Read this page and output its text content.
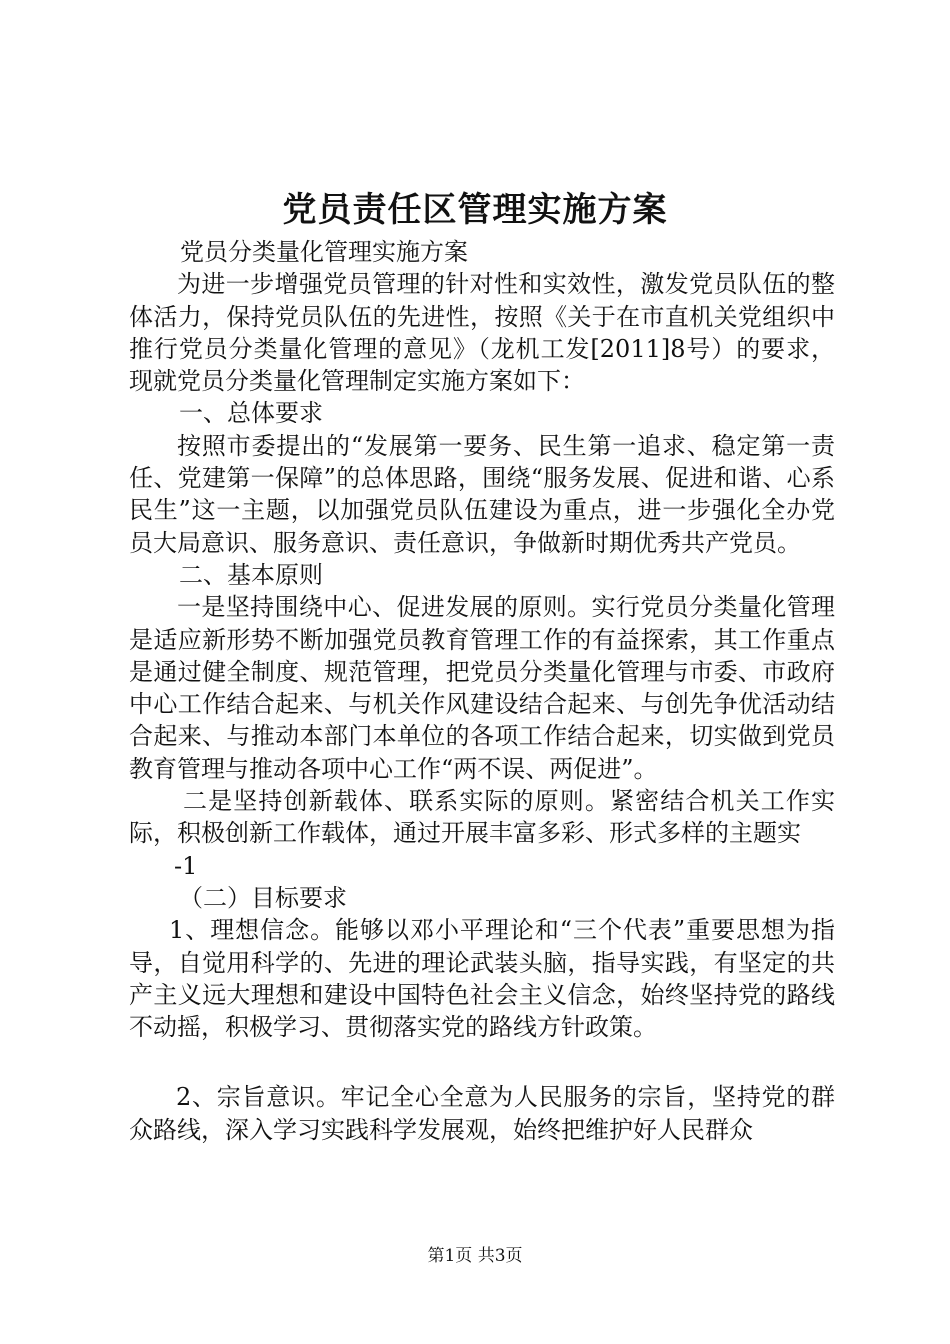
党员责任区管理实施方案

党员分类量化管理实施方案

为进一步增强党员管理的针对性和实效性，激发党员队伍的整体活力，保持党员队伍的先进性，按照《关于在市直机关党组织中推行党员分类量化管理的意见》（龙机工发[2011]8号）的要求，现就党员分类量化管理制定实施方案如下：

一、总体要求

按照市委提出的“发展第一要务、民生第一追求、稳定第一责任、党建第一保障”的总体思路，围绕“服务发展、促进和谐、心系民生”这一主题，以加强党员队伍建设为重点，进一步强化全办党员大局意识、服务意识、责任意识，争做新时期优秀共产党员。

二、基本原则

一是坚持围绕中心、促进发展的原则。实行党员分类量化管理是适应新形势不断加强党员教育管理工作的有益探索，其工作重点是通过健全制度、规范管理，把党员分类量化管理与市委、市政府中心工作结合起来、与机关作风建设结合起来、与创先争优活动结合起来、与推动本部门本单位的各项工作结合起来，切实做到党员教育管理与推动各项中心工作“两不误、两促进”。

二是坚持创新载体、联系实际的原则。紧密结合机关工作实际，积极创新工作载体，通过开展丰富多彩、形式多样的主题实

-1

（二）目标要求

1、理想信念。能够以邓小平理论和“三个代表”重要思想为指导，自觉用科学的、先进的理论武装头脑，指导实践，有坚定的共产主义远大理想和建设中国特色社会主义信念，始终坚持党的路线不动摇，积极学习、贯彻落实党的路线方针政策。

2、宗旨意识。牢记全心全意为人民服务的宗旨，坚持党的群众路线，深入学习实践科学发展观，始终把维护好人民群众

第1页 共3页
